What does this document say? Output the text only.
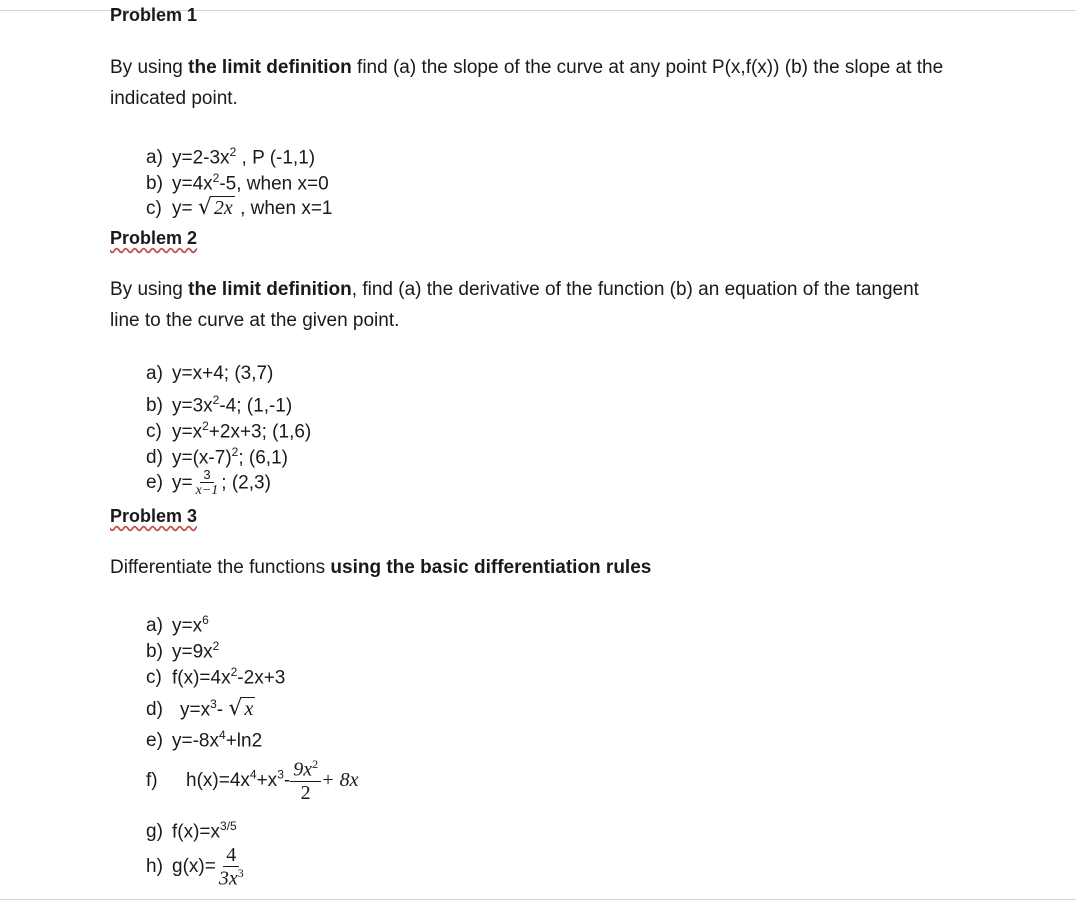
Problem 1
By using the limit definition find (a) the slope of the curve at any point P(x,f(x)) (b) the slope at the
indicated point.
a) $y=2-3x^2$ , P (-1,1)
b) $y=4x^2-5$, when x=0
c) y= √ 2x , when x=1
Problem 2
By using the limit definition, find (a) the derivative of the function (b) an equation of the tangent
line to the curve at the given point.
a) y=x+4; (3,7)
b) $y=3x^2-4$; (1,-1)
c) $y=x^2+2x+3$; (1,6)
d) $y=(x-7)^2$; (6,1)
e) $y= \frac{3}{x-1}$ ; (2,3)
Problem 3
Differentiate the functions using the basic differentiation rules
a) $y=x^6$
b) $y=9x^2$
c) $f(x)=4x^2-2x+3$
d) $y=x^3-$ √ x
e) $y=-8x^4+\ln 2$
f) $h(x)=4x^4+x^3- \frac{9x^2}{2} + 8x$
g) $f(x)=x^{3/5}$
h) $g(x)= \frac{4}{3x^3}$
